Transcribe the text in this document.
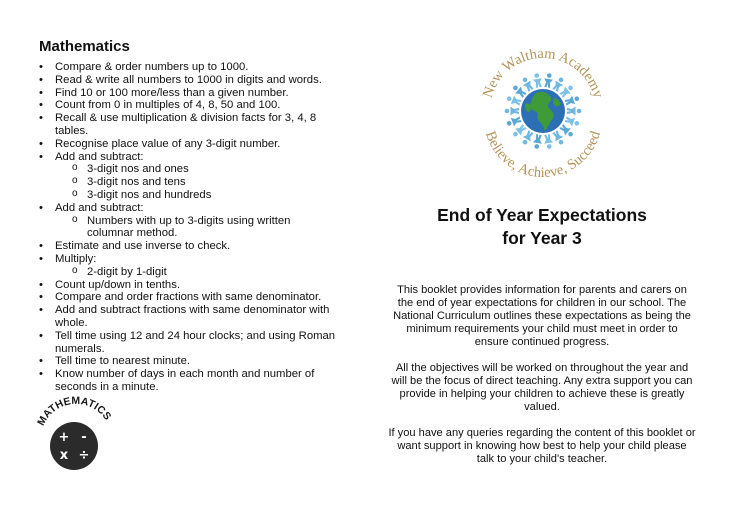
Mathematics
• Compare & order numbers up to 1000.
• Read & write all numbers to 1000 in digits and words.
• Find 10 or 100 more/less than a given number.
• Count from 0 in multiples of 4, 8, 50 and 100.
• Recall & use multiplication & division facts for 3, 4, 8 tables.
• Recognise place value of any 3-digit number.
• Add and subtract:
o 3-digit nos and ones
o 3-digit nos and tens
o 3-digit nos and hundreds
• Add and subtract:
o Numbers with up to 3-digits using written columnar method.
• Estimate and use inverse to check.
• Multiply:
o 2-digit by 1-digit
• Count up/down in tenths.
• Compare and order fractions with same denominator.
• Add and subtract fractions with same denominator with whole.
• Tell time using 12 and 24 hour clocks; and using Roman numerals.
• Tell time to nearest minute.
• Know number of days in each month and number of seconds in a minute.
MATHEMATICS
+ -
x ÷
New Waltham Academy
Believe, Achieve, Succeed
End of Year Expectations
for Year 3

This booklet provides information for parents and carers on the end of year expectations for children in our school. The National Curriculum outlines these expectations as being the minimum requirements your child must meet in order to ensure continued progress.

All the objectives will be worked on throughout the year and will be the focus of direct teaching. Any extra support you can provide in helping your children to achieve these is greatly valued.

If you have any queries regarding the content of this booklet or want support in knowing how best to help your child please talk to your child's teacher.
